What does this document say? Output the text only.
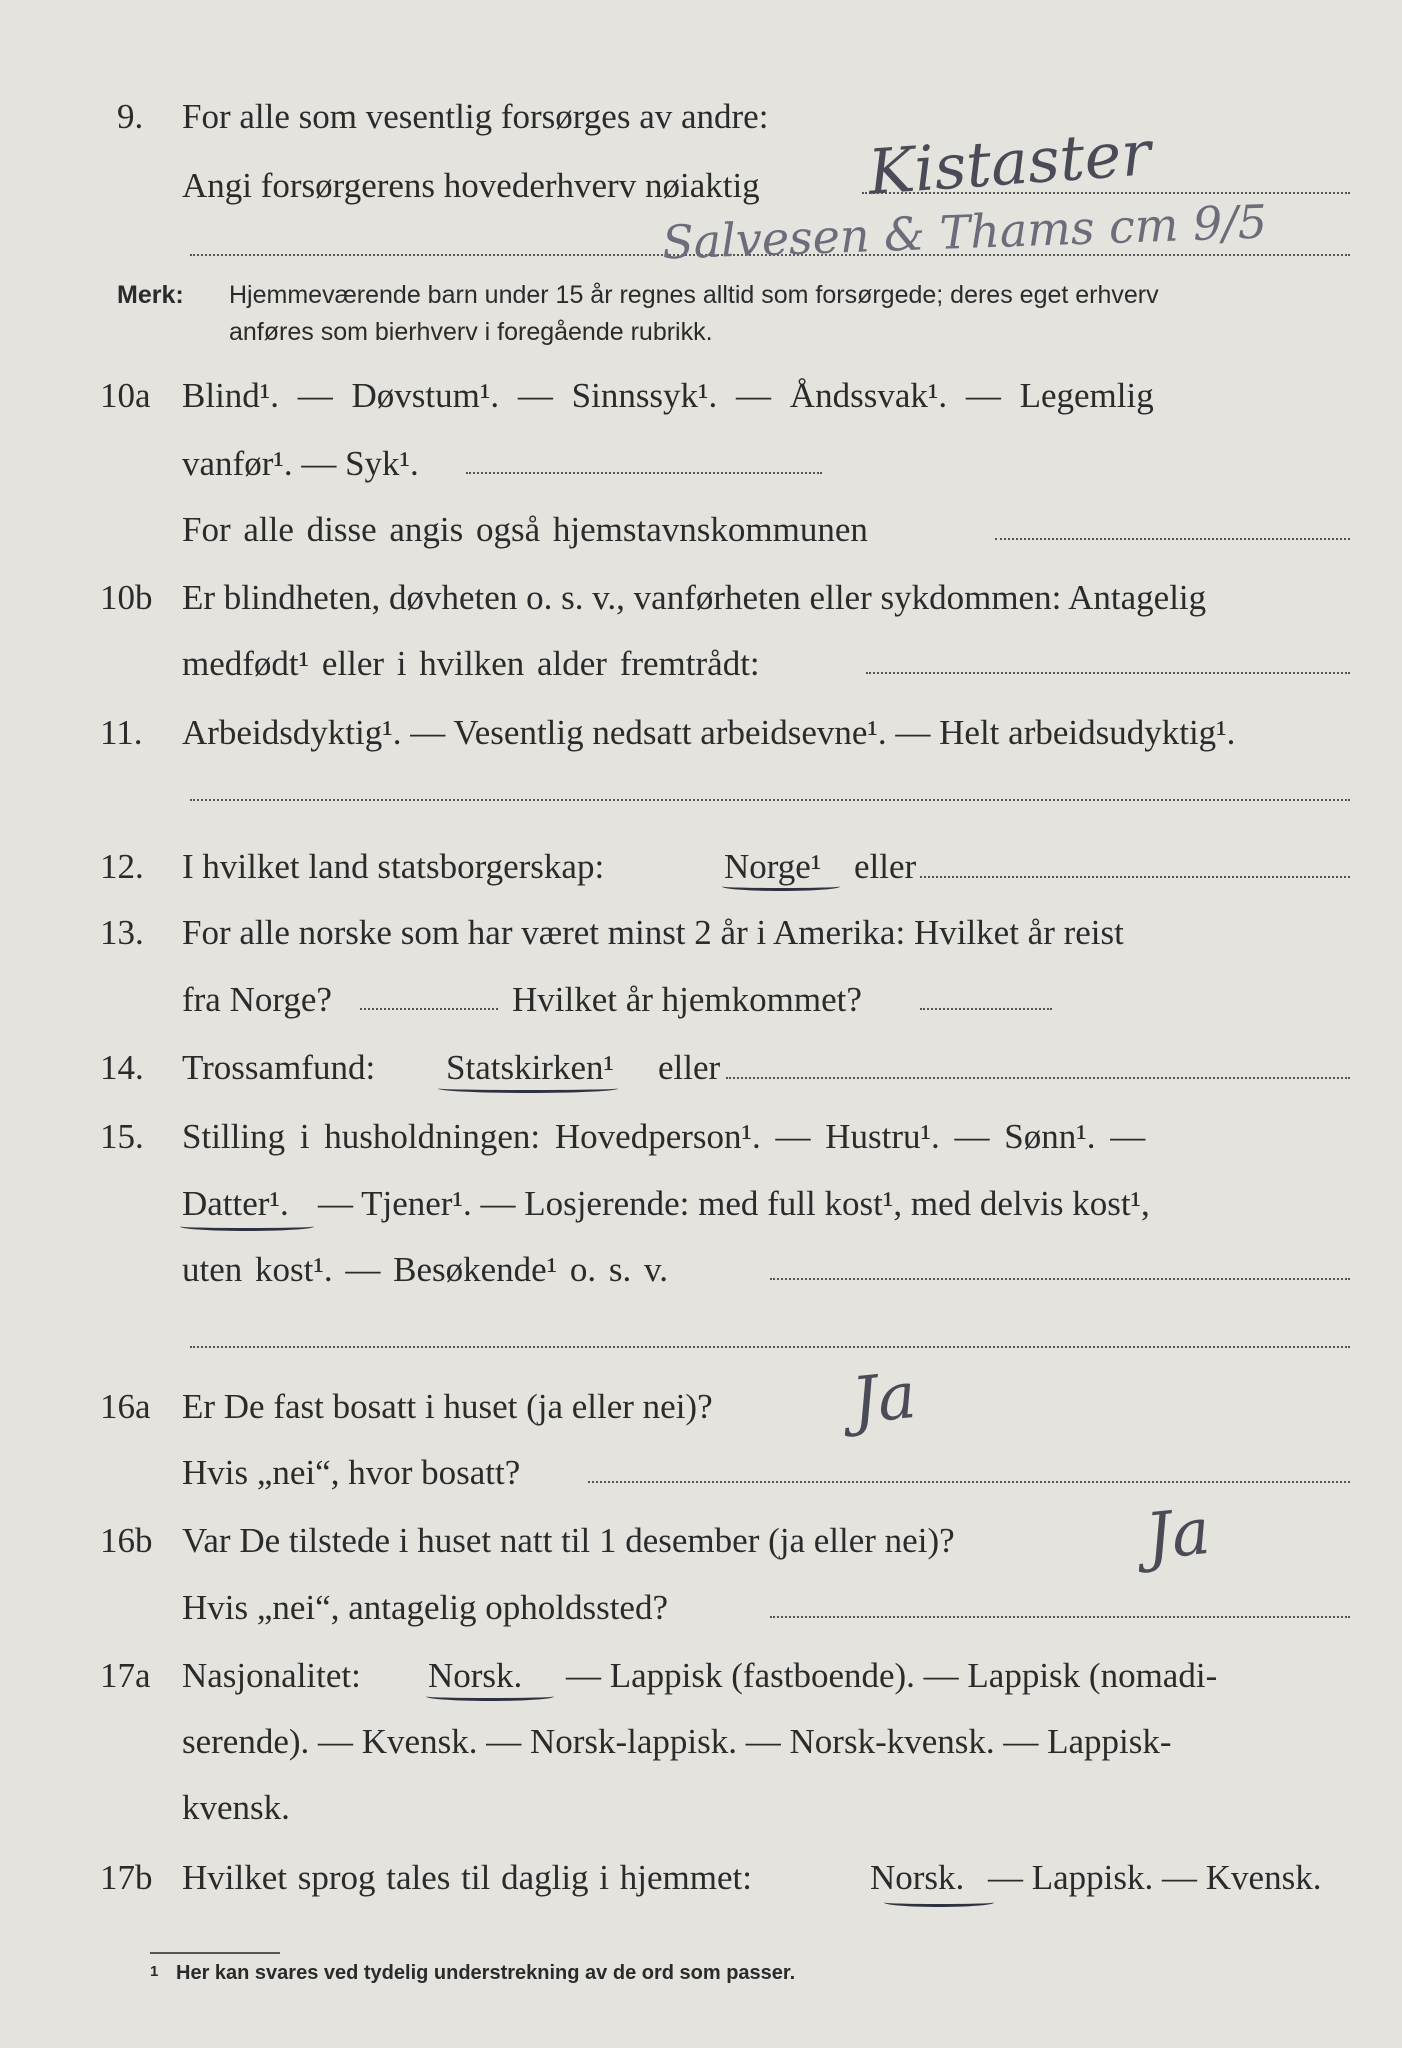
9. For alle som vesentlig forsørges av andre:
Angi forsørgerens hovederhverv nøiaktig Kistaster
Salvesen & Thams cm 9/5
Merk: Hjemmeværende barn under 15 år regnes alltid som forsørgede; deres eget erhverv
anføres som bierhverv i foregående rubrikk.
10a Blind¹. — Døvstum¹. — Sinnssyk¹. — Åndssvak¹. — Legemlig
vanfør¹. — Syk¹.
For alle disse angis også hjemstavnskommunen
10b Er blindheten, døvheten o. s. v., vanførheten eller sykdommen: Antagelig
medfødt¹ eller i hvilken alder fremtrådt:
11. Arbeidsdyktig¹. — Vesentlig nedsatt arbeidsevne¹. — Helt arbeidsudyktig¹.
12. I hvilket land statsborgerskap:	Norge¹ eller
13. For alle norske som har været minst 2 år i Amerika: Hvilket år reist
fra Norge?	Hvilket år hjemkommet?
14. Trossamfund: Statskirken¹ eller
15. Stilling i husholdningen: Hovedperson¹. — Hustru¹. — Sønn¹. —
Datter¹. — Tjener¹. — Losjerende: med full kost¹, med delvis kost¹,
uten kost¹. — Besøkende¹ o. s. v.
16a Er De fast bosatt i huset (ja eller nei)? Ja
Hvis „nei“, hvor bosatt?
16b Var De tilstede i huset natt til 1 desember (ja eller nei)?	Ja
Hvis „nei“, antagelig opholdssted?
17a Nasjonalitet: Norsk. — Lappisk (fastboende). — Lappisk (nomadi-
serende). — Kvensk. — Norsk-lappisk. — Norsk-kvensk. — Lappisk-
kvensk.
17b Hvilket sprog tales til daglig i hjemmet:	Norsk. — Lappisk. — Kvensk.
1 Her kan svares ved tydelig understrekning av de ord som passer.
